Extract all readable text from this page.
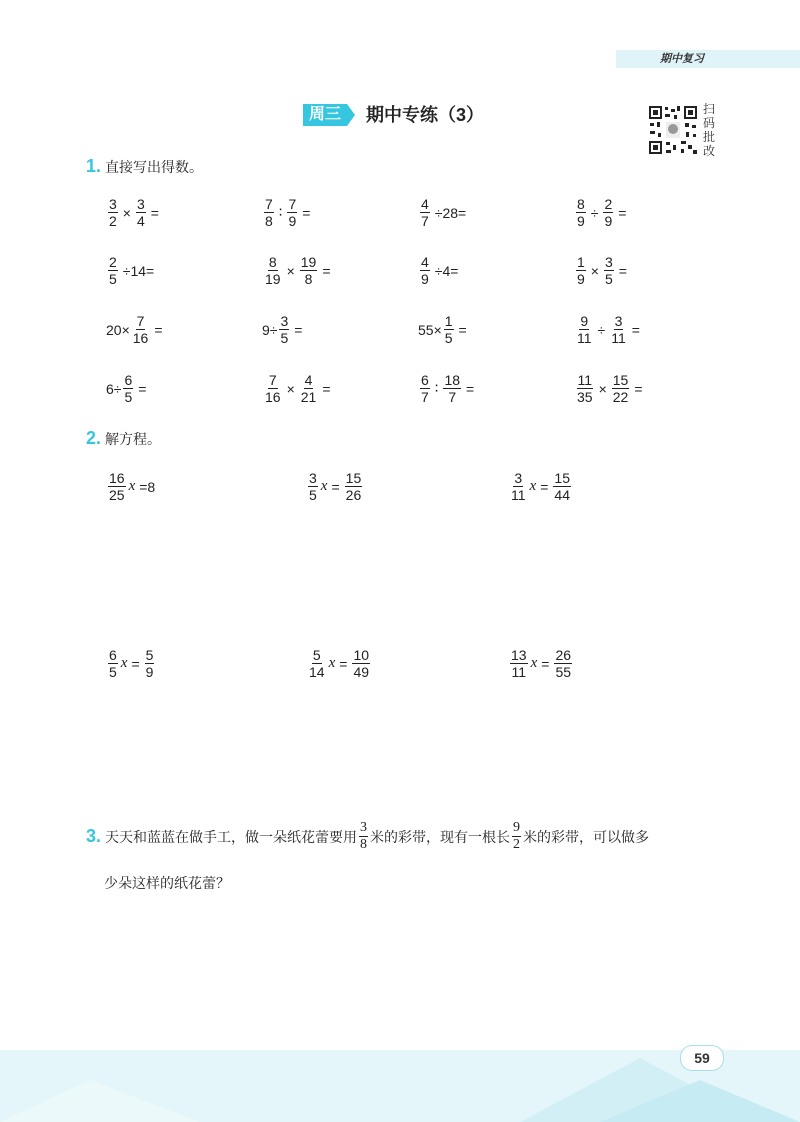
期中复习
周三	期中专练（3）	扫
码
批
改
1. 直接写出得数。
$\frac{3}{2} \times \frac{3}{4}$ =	$\frac{7}{8}$ ∶ $\frac{7}{9}$ =	$\frac{4}{7} \div 28=$	$\frac{8}{9} \div \frac{2}{9}$ =
$\frac{2}{5} \div 14=$	$\frac{8}{19} \times \frac{19}{8}$ =	$\frac{4}{9} \div 4=$	$\frac{1}{9} \times \frac{3}{5}$ =
$20\times \frac{7}{16}$ =	$9\div \frac{3}{5}$ =	$55\times \frac{1}{5}$ =	$\frac{9}{11} \div \frac{3}{11}$ =
$6\div \frac{6}{5}$ =	$\frac{7}{16} \times \frac{4}{21}$ =	$\frac{6}{7}$ ∶ $\frac{18}{7}$ =	$\frac{11}{35} \times \frac{15}{22}$ =
2. 解方程。
$\frac{16}{25}$ x =8	$\frac{3}{5}$ $x = \frac{15}{26}$	$\frac{3}{11}$ $x = \frac{15}{44}$
$\frac{6}{5}$ $x = \frac{5}{9}$	$\frac{5}{14}$ $x = \frac{10}{49}$	$\frac{13}{11}$ $x = \frac{26}{55}$
3. 天天和蓝蓝在做手工，做一朵纸花蕾要用 $\frac{3}{8}$ 米的彩带，现有一根长 $\frac{9}{2}$ 米的彩带，可以做多
少朵这样的纸花蕾？
59
